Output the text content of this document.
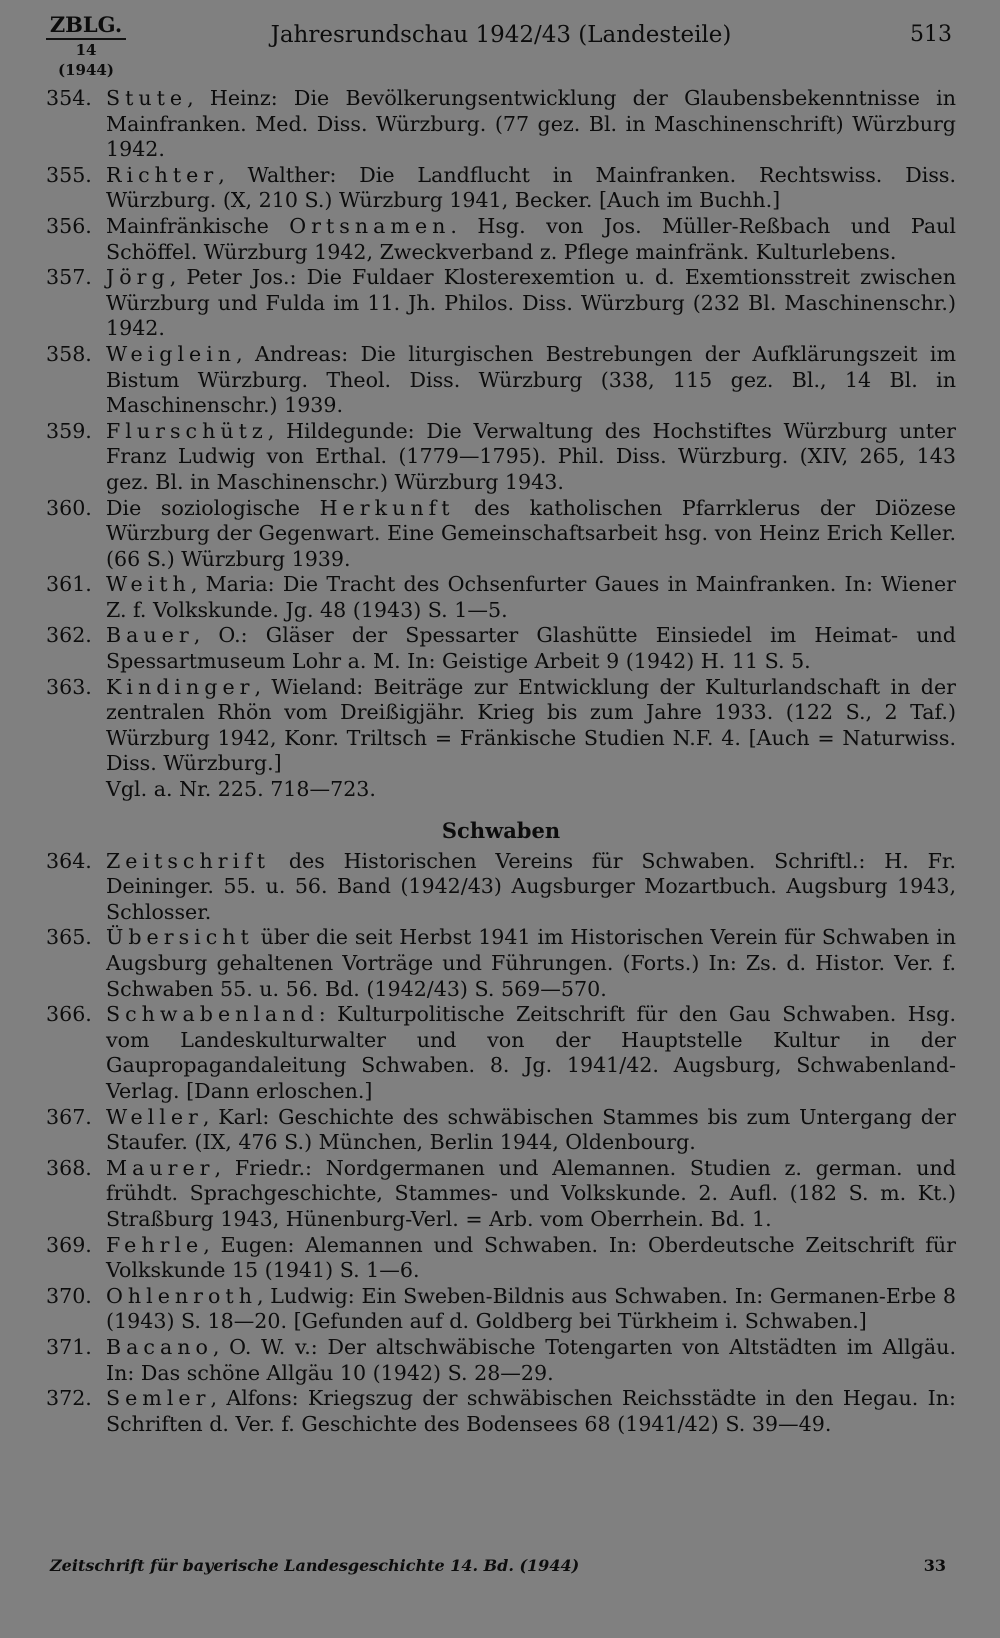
ZBLG.
14 (1944)
Jahresrundschau 1942/43 (Landesteile)	513
354. Stute, Heinz: Die Bevölkerungsentwicklung der Glaubensbekenntnisse in Mainfranken. Med. Diss. Würzburg. (77 gez. Bl. in Maschinenschrift) Würzburg 1942.
355. Richter, Walther: Die Landflucht in Mainfranken. Rechtswiss. Diss. Würzburg. (X, 210 S.) Würzburg 1941, Becker. [Auch im Buchh.]
356. Mainfränkische Ortsnamen. Hsg. von Jos. Müller-Reßbach und Paul Schöffel. Würzburg 1942, Zweckverband z. Pflege mainfränk. Kulturlebens.
357. Jörg, Peter Jos.: Die Fuldaer Klosterexemtion u. d. Exemtionsstreit zwischen Würzburg und Fulda im 11. Jh. Philos. Diss. Würzburg (232 Bl. Maschinenschr.) 1942.
358. Weiglein, Andreas: Die liturgischen Bestrebungen der Aufklärungszeit im Bistum Würzburg. Theol. Diss. Würzburg (338, 115 gez. Bl., 14 Bl. in Maschinenschr.) 1939.
359. Flurschütz, Hildegunde: Die Verwaltung des Hochstiftes Würzburg unter Franz Ludwig von Erthal. (1779—1795). Phil. Diss. Würzburg. (XIV, 265, 143 gez. Bl. in Maschinenschr.) Würzburg 1943.
360. Die soziologische Herkunft des katholischen Pfarrklerus der Diözese Würzburg der Gegenwart. Eine Gemeinschaftsarbeit hsg. von Heinz Erich Keller. (66 S.) Würzburg 1939.
361. Weith, Maria: Die Tracht des Ochsenfurter Gaues in Mainfranken. In: Wiener Z. f. Volkskunde. Jg. 48 (1943) S. 1—5.
362. Bauer, O.: Gläser der Spessarter Glashütte Einsiedel im Heimat- und Spessartmuseum Lohr a. M. In: Geistige Arbeit 9 (1942) H. 11 S. 5.
363. Kindinger, Wieland: Beiträge zur Entwicklung der Kulturlandschaft in der zentralen Rhön vom Dreißigjähr. Krieg bis zum Jahre 1933. (122 S., 2 Taf.) Würzburg 1942, Konr. Triltsch = Fränkische Studien N.F. 4. [Auch = Naturwiss. Diss. Würzburg.]
Vgl. a. Nr. 225. 718—723.
Schwaben
364. Zeitschrift des Historischen Vereins für Schwaben. Schriftl.: H. Fr. Deininger. 55. u. 56. Band (1942/43) Augsburger Mozartbuch. Augsburg 1943, Schlosser.
365. Übersicht über die seit Herbst 1941 im Historischen Verein für Schwaben in Augsburg gehaltenen Vorträge und Führungen. (Forts.) In: Zs. d. Histor. Ver. f. Schwaben 55. u. 56. Bd. (1942/43) S. 569—570.
366. Schwabenland: Kulturpolitische Zeitschrift für den Gau Schwaben. Hsg. vom Landeskulturwalter und von der Hauptstelle Kultur in der Gaupropagandaleitung Schwaben. 8. Jg. 1941/42. Augsburg, Schwabenland-Verlag. [Dann erloschen.]
367. Weller, Karl: Geschichte des schwäbischen Stammes bis zum Untergang der Staufer. (IX, 476 S.) München, Berlin 1944, Oldenbourg.
368. Maurer, Friedr.: Nordgermanen und Alemannen. Studien z. german. und frühdt. Sprachgeschichte, Stammes- und Volkskunde. 2. Aufl. (182 S. m. Kt.) Straßburg 1943, Hünenburg-Verl. = Arb. vom Oberrhein. Bd. 1.
369. Fehrle, Eugen: Alemannen und Schwaben. In: Oberdeutsche Zeitschrift für Volkskunde 15 (1941) S. 1—6.
370. Ohlenroth, Ludwig: Ein Sweben-Bildnis aus Schwaben. In: Germanen-Erbe 8 (1943) S. 18—20. [Gefunden auf d. Goldberg bei Türkheim i. Schwaben.]
371. Bacano, O. W. v.: Der altschwäbische Totengarten von Altstädten im Allgäu. In: Das schöne Allgäu 10 (1942) S. 28—29.
372. Semler, Alfons: Kriegszug der schwäbischen Reichsstädte in den Hegau. In: Schriften d. Ver. f. Geschichte des Bodensees 68 (1941/42) S. 39—49.
Zeitschrift für bayerische Landesgeschichte 14. Bd. (1944)	33
